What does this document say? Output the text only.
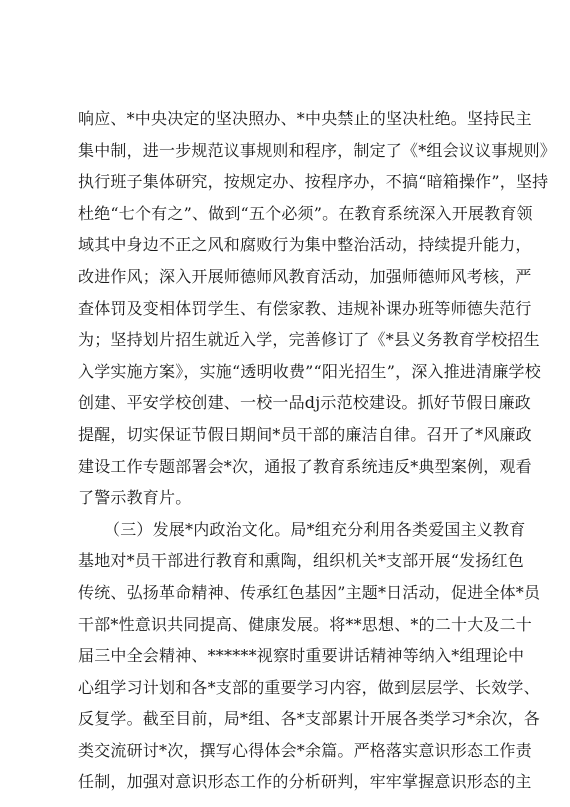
响应、*中央决定的坚决照办、*中央禁止的坚决杜绝。坚持民主
集中制，进一步规范议事规则和程序，制定了《*组会议议事规则》
执行班子集体研究，按规定办、按程序办，不搞“暗箱操作”，坚持
杜绝“七个有之”、做到“五个必须”。在教育系统深入开展教育领
域其中身边不正之风和腐败行为集中整治活动，持续提升能力，
改进作风；深入开展师德师风教育活动，加强师德师风考核，严
查体罚及变相体罚学生、有偿家教、违规补课办班等师德失范行
为；坚持划片招生就近入学，完善修订了《*县义务教育学校招生
入学实施方案》，实施“透明收费”“阳光招生”，深入推进清廉学校
创建、平安学校创建、一校一品dj示范校建设。抓好节假日廉政
提醒，切实保证节假日期间*员干部的廉洁自律。召开了*风廉政
建设工作专题部署会*次，通报了教育系统违反*典型案例，观看
了警示教育片。
（三）发展*内政治文化。局*组充分利用各类爱国主义教育
基地对*员干部进行教育和熏陶，组织机关*支部开展“发扬红色
传统、弘扬革命精神、传承红色基因”主题*日活动，促进全体*员
干部*性意识共同提高、健康发展。将**思想、*的二十大及二十
届三中全会精神、******视察时重要讲话精神等纳入*组理论中
心组学习计划和各*支部的重要学习内容，做到层层学、长效学、
反复学。截至目前，局*组、各*支部累计开展各类学习*余次，各
类交流研讨*次，撰写心得体会*余篇。严格落实意识形态工作责
任制，加强对意识形态工作的分析研判，牢牢掌握意识形态的主
